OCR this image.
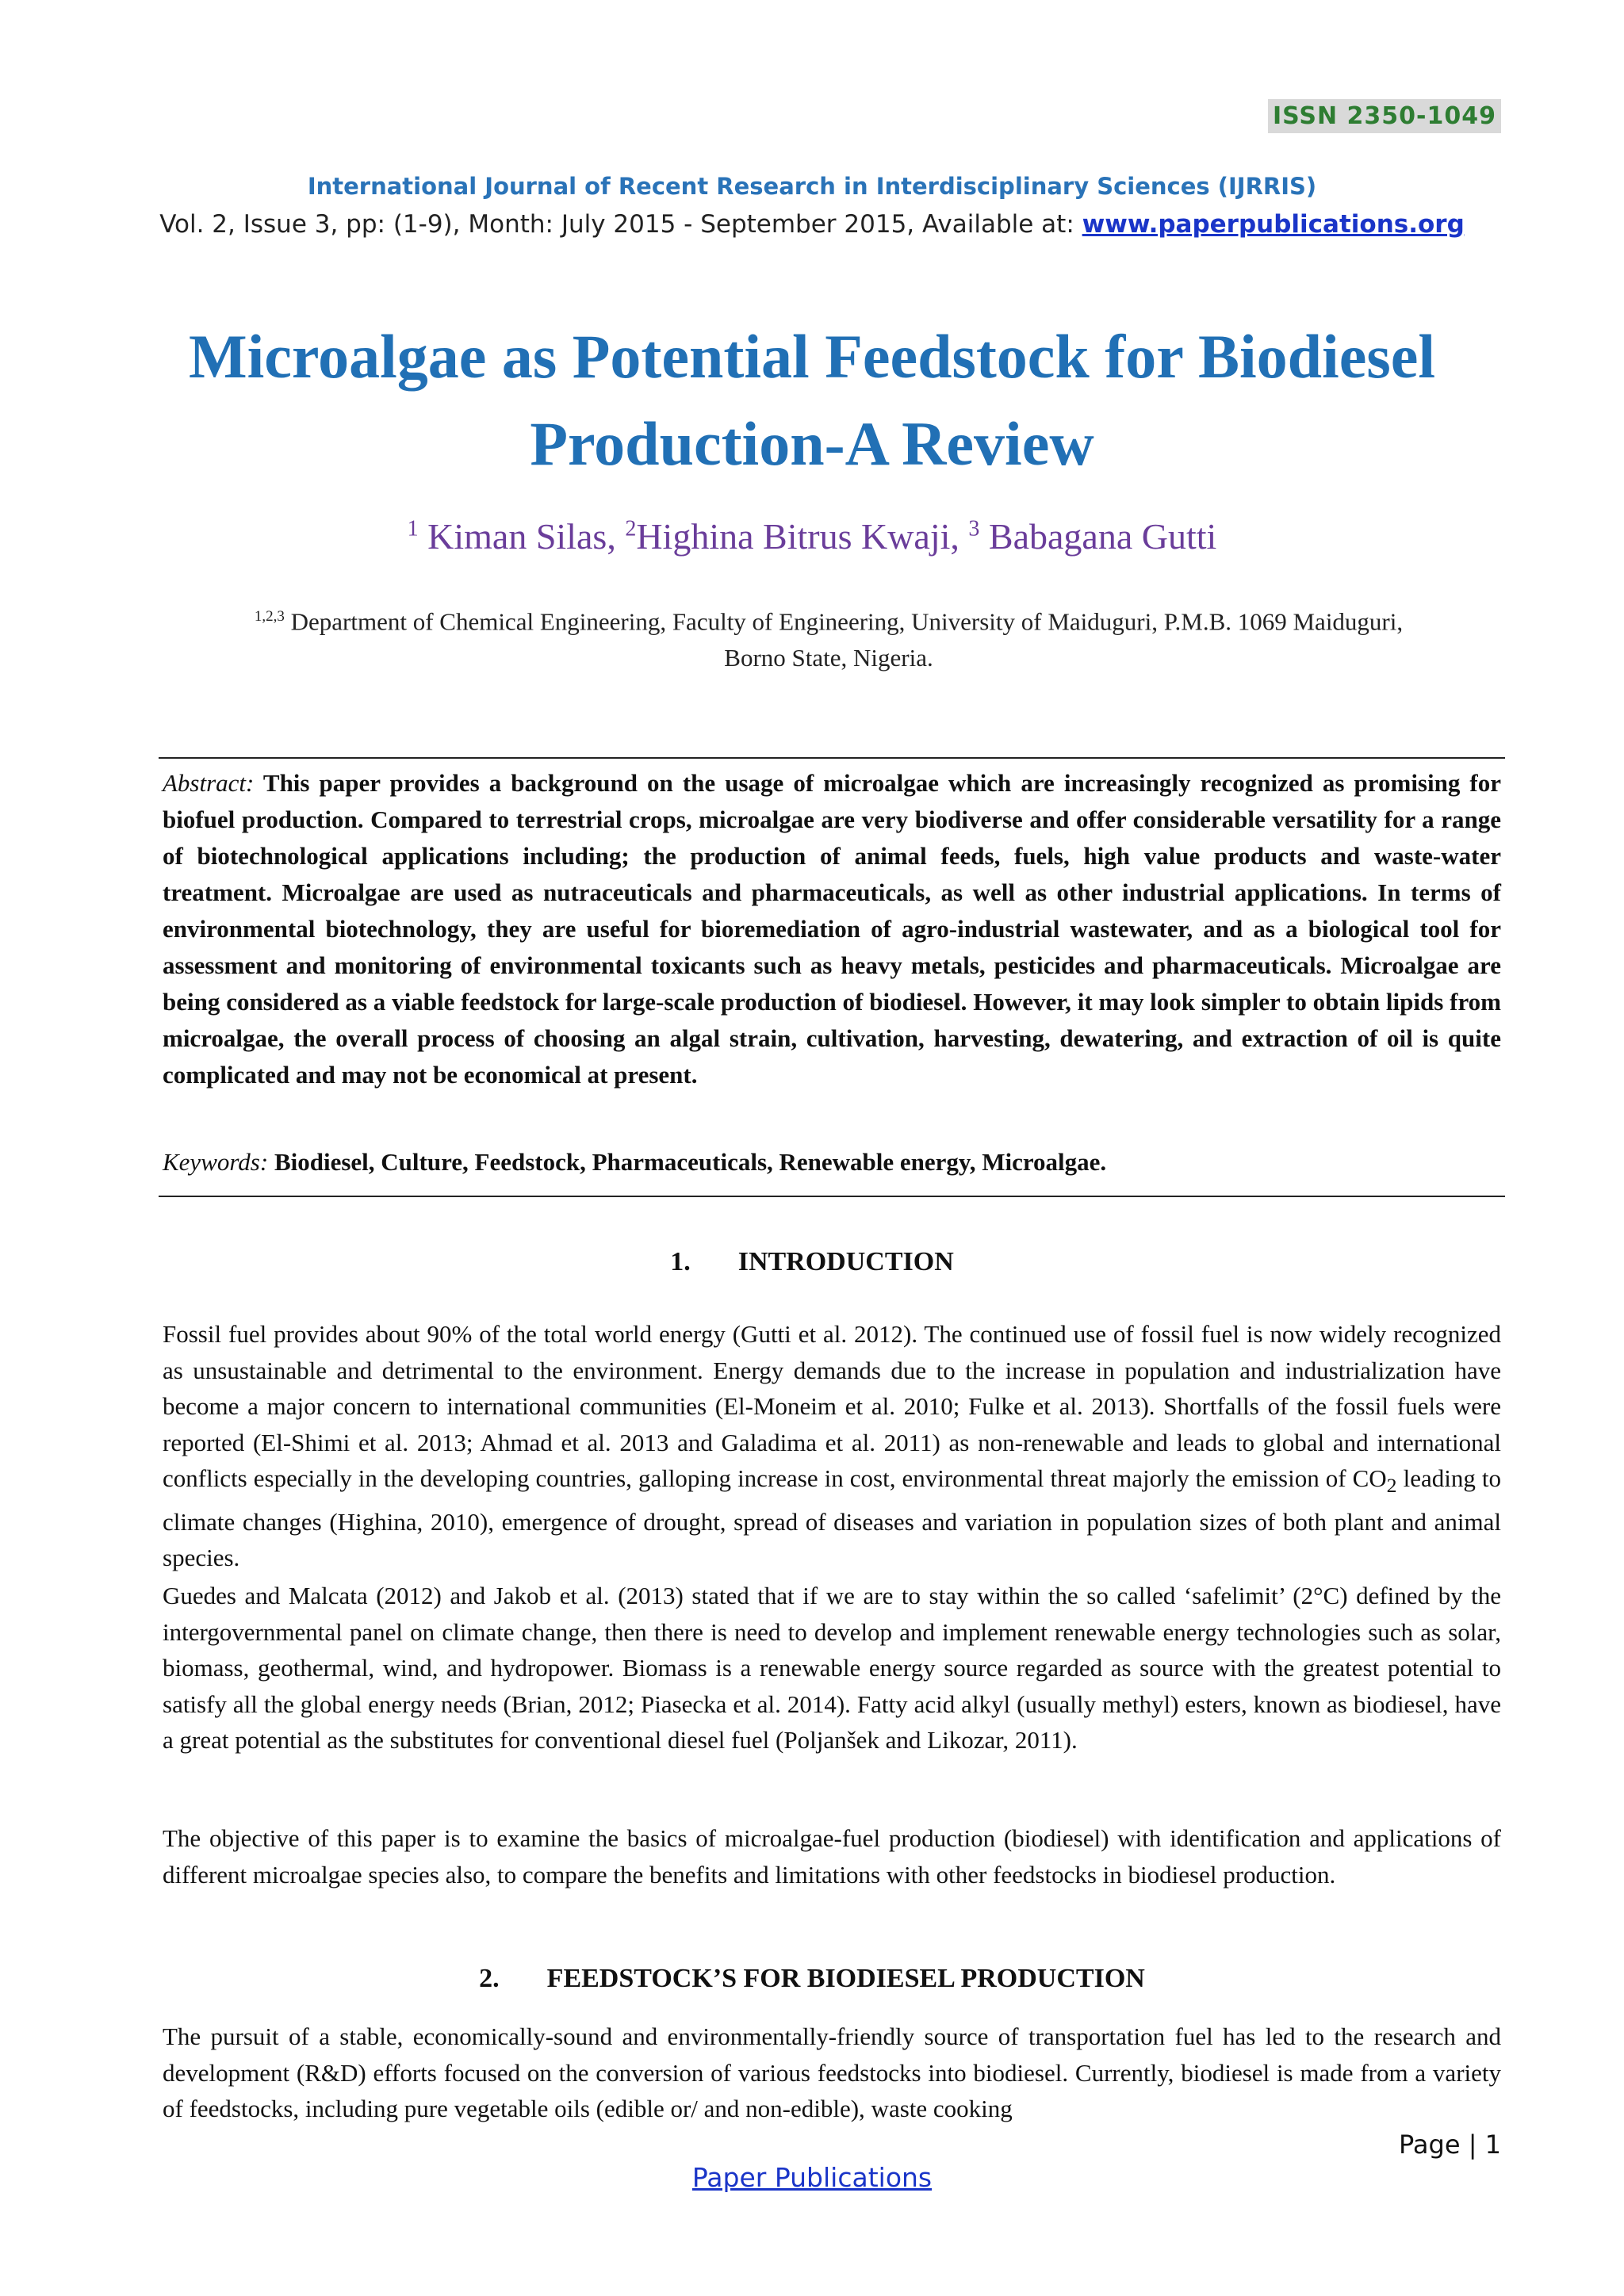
ISSN 2350-1049
International Journal of Recent Research in Interdisciplinary Sciences (IJRRIS)
Vol. 2, Issue 3, pp: (1-9), Month: July 2015 - September 2015, Available at: www.paperpublications.org
Microalgae as Potential Feedstock for Biodiesel
Production-A Review
$^1$ Kiman Silas, $^2$Highina Bitrus Kwaji, $^3$ Babagana Gutti
$^{1,2,3}$ Department of Chemical Engineering, Faculty of Engineering, University of Maiduguri, P.M.B. 1069 Maiduguri,
Borno State, Nigeria.
Abstract: This paper provides a background on the usage of microalgae which are increasingly recognized as promising for biofuel production. Compared to terrestrial crops, microalgae are very biodiverse and offer considerable versatility for a range of biotechnological applications including; the production of animal feeds, fuels, high value products and waste-water treatment. Microalgae are used as nutraceuticals and pharmaceuticals, as well as other industrial applications. In terms of environmental biotechnology, they are useful for bioremediation of agro-industrial wastewater, and as a biological tool for assessment and monitoring of environmental toxicants such as heavy metals, pesticides and pharmaceuticals. Microalgae are being considered as a viable feedstock for large-scale production of biodiesel. However, it may look simpler to obtain lipids from microalgae, the overall process of choosing an algal strain, cultivation, harvesting, dewatering, and extraction of oil is quite complicated and may not be economical at present.
Keywords: Biodiesel, Culture, Feedstock, Pharmaceuticals, Renewable energy, Microalgae.
1. INTRODUCTION
Fossil fuel provides about 90% of the total world energy (Gutti et al. 2012). The continued use of fossil fuel is now widely recognized as unsustainable and detrimental to the environment. Energy demands due to the increase in population and industrialization have become a major concern to international communities (El-Moneim et al. 2010; Fulke et al. 2013). Shortfalls of the fossil fuels were reported (El-Shimi et al. 2013; Ahmad et al. 2013 and Galadima et al. 2011) as non-renewable and leads to global and international conflicts especially in the developing countries, galloping increase in cost, environmental threat majorly the emission of $CO_2$ leading to climate changes (Highina, 2010), emergence of drought, spread of diseases and variation in population sizes of both plant and animal species.
Guedes and Malcata (2012) and Jakob et al. (2013) stated that if we are to stay within the so called ‘safelimit’ (2°C) defined by the intergovernmental panel on climate change, then there is need to develop and implement renewable energy technologies such as solar, biomass, geothermal, wind, and hydropower. Biomass is a renewable energy source regarded as source with the greatest potential to satisfy all the global energy needs (Brian, 2012; Piasecka et al. 2014). Fatty acid alkyl (usually methyl) esters, known as biodiesel, have a great potential as the substitutes for conventional diesel fuel (Poljanšek and Likozar, 2011).
The objective of this paper is to examine the basics of microalgae-fuel production (biodiesel) with identification and applications of different microalgae species also, to compare the benefits and limitations with other feedstocks in biodiesel production.
2. FEEDSTOCK’S FOR BIODIESEL PRODUCTION
The pursuit of a stable, economically-sound and environmentally-friendly source of transportation fuel has led to the research and development (R&D) efforts focused on the conversion of various feedstocks into biodiesel. Currently, biodiesel is made from a variety of feedstocks, including pure vegetable oils (edible or/ and non-edible), waste cooking
Page | 1
Paper Publications
